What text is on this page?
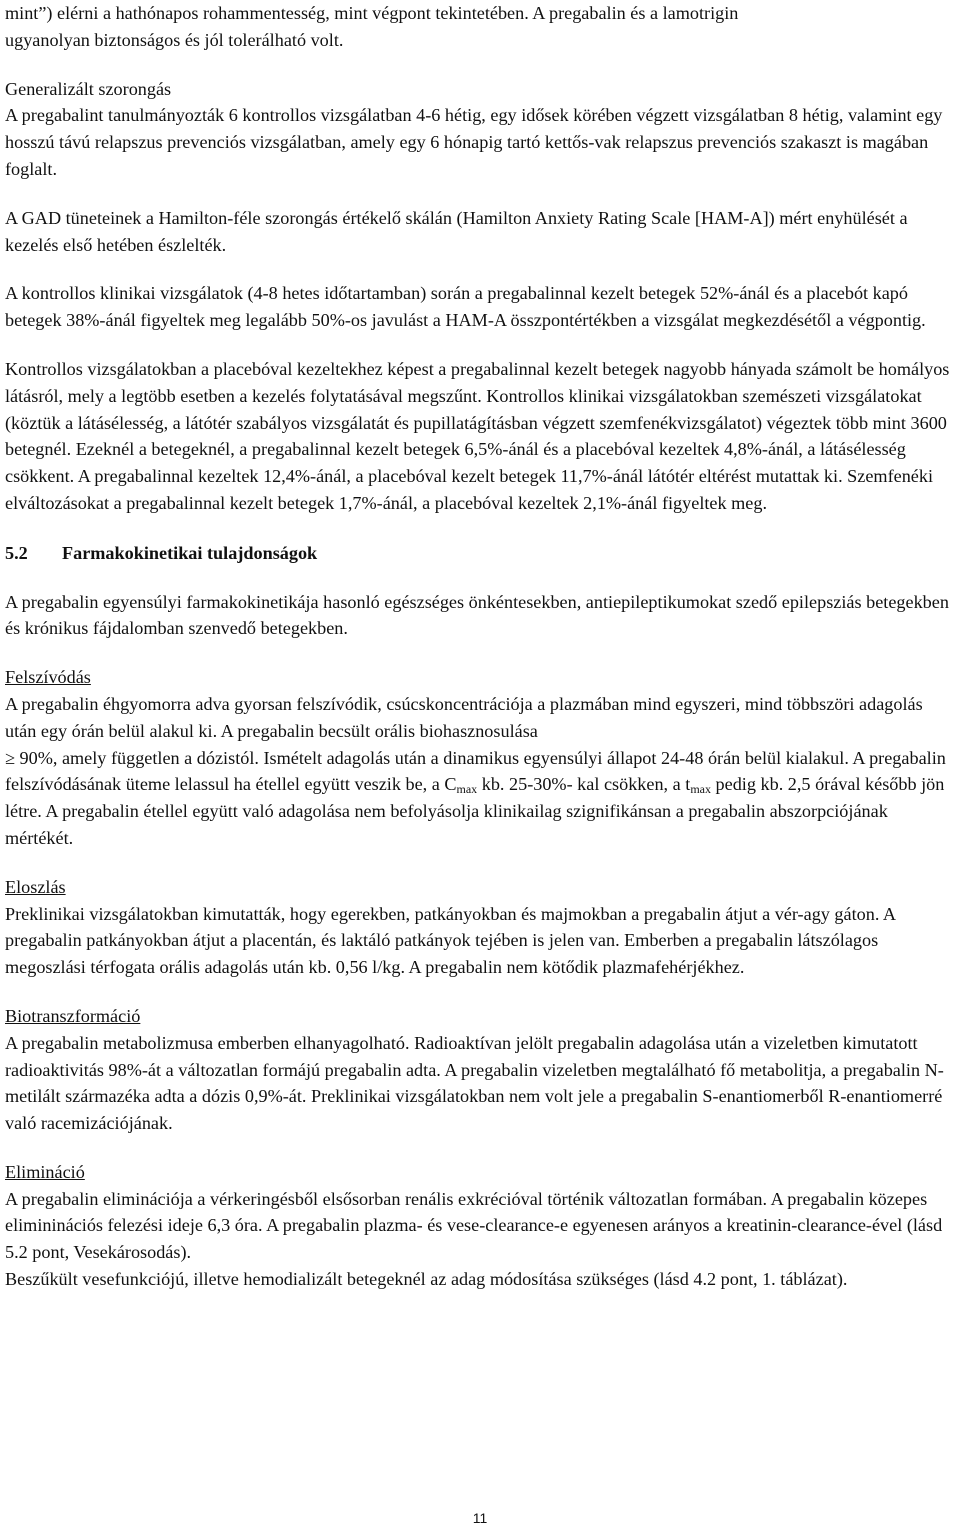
mint”) elérni a hathónapos rohammentesség, mint végpont tekintetében. A pregabalin és a lamotrigin

ugyanolyan biztonságos és jól tolerálható volt.

Generalizált szorongás

A pregabalint tanulmányozták 6 kontrollos vizsgálatban 4-6 hétig, egy idősek körében végzett vizsgálatban 8 hétig, valamint egy hosszú távú relapszus prevenciós vizsgálatban, amely egy 6 hónapig tartó kettős-vak relapszus prevenciós szakaszt is magában foglalt.

A GAD tüneteinek a Hamilton-féle szorongás értékelő skálán (Hamilton Anxiety Rating Scale [HAM-A]) mért enyhülését a kezelés első hetében észlelték.

A kontrollos klinikai vizsgálatok (4-8 hetes időtartamban) során a pregabalinnal kezelt betegek 52%-ánál és a placebót kapó betegek 38%-ánál figyeltek meg legalább 50%-os javulást a HAM-A összpontértékben a vizsgálat megkezdésétől a végpontig.

Kontrollos vizsgálatokban a placebóval kezeltekhez képest a pregabalinnal kezelt betegek nagyobb hányada számolt be homályos látásról, mely a legtöbb esetben a kezelés folytatásával megszűnt. Kontrollos klinikai vizsgálatokban szemészeti vizsgálatokat (köztük a látásélesség, a látótér szabályos vizsgálatát és pupillatágításban végzett szemfenékvizsgálatot) végeztek több mint 3600 betegnél. Ezeknél a betegeknél, a pregabalinnal kezelt betegek 6,5%-ánál és a placebóval kezeltek 4,8%-ánál, a látásélesség csökkent. A pregabalinnal kezeltek 12,4%-ánál, a placebóval kezelt betegek 11,7%-ánál látótér eltérést mutattak ki. Szemfenéki elváltozásokat a pregabalinnal kezelt betegek 1,7%-ánál, a placebóval kezeltek 2,1%-ánál figyeltek meg.

5.2 Farmakokinetikai tulajdonságok

A pregabalin egyensúlyi farmakokinetikája hasonló egészséges önkéntesekben, antiepileptikumokat szedő epilepsziás betegekben és krónikus fájdalomban szenvedő betegekben.

Felszívódás

A pregabalin éhgyomorra adva gyorsan felszívódik, csúcskoncentrációja a plazmában mind egyszeri, mind többszöri adagolás után egy órán belül alakul ki. A pregabalin becsült orális biohasznosulása
≥ 90%, amely független a dózistól. Ismételt adagolás után a dinamikus egyensúlyi állapot 24-48 órán belül kialakul. A pregabalin felszívódásának üteme lelassul ha étellel együtt veszik be, a $C_{max}$ kb. 25-30%- kal csökken, a $t_{max}$ pedig kb. 2,5 órával később jön létre. A pregabalin étellel együtt való adagolása nem befolyásolja klinikailag szignifikánsan a pregabalin abszorpciójának mértékét.

Eloszlás

Preklinikai vizsgálatokban kimutatták, hogy egerekben, patkányokban és majmokban a pregabalin átjut a vér-agy gáton. A pregabalin patkányokban átjut a placentán, és laktáló patkányok tejében is jelen van. Emberben a pregabalin látszólagos megoszlási térfogata orális adagolás után kb. 0,56 l/kg. A pregabalin nem kötődik plazmafehérjékhez.

Biotranszformáció

A pregabalin metabolizmusa emberben elhanyagolható. Radioaktívan jelölt pregabalin adagolása után a vizeletben kimutatott radioaktivitás 98%-át a változatlan formájú pregabalin adta. A pregabalin vizeletben megtalálható fő metabolitja, a pregabalin N-metilált származéka adta a dózis 0,9%-át. Preklinikai vizsgálatokban nem volt jele a pregabalin S-enantiomerből R-enantiomerré való racemizációjának.

Elimináció

A pregabalin eliminációja a vérkeringésből elsősorban renális exkrécióval történik változatlan formában. A pregabalin közepes elimininációs felezési ideje 6,3 óra. A pregabalin plazma- és vese-clearance-e egyenesen arányos a kreatinin-clearance-ével (lásd 5.2 pont, Vesekárosodás).

Beszűkült vesefunkciójú, illetve hemodializált betegeknél az adag módosítása szükséges (lásd 4.2 pont, 1. táblázat).

11
